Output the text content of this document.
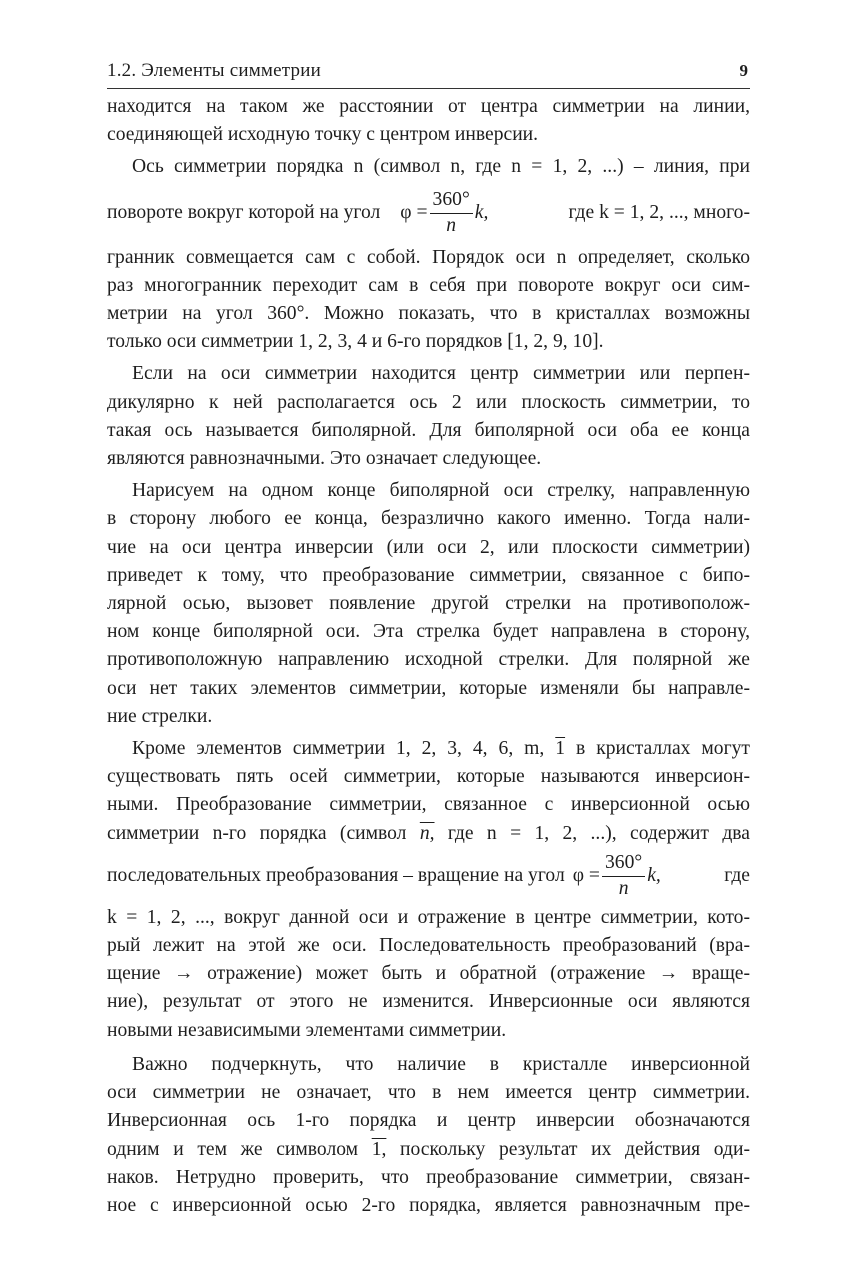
1.2. Элементы симметрии	9

находится на таком же расстоянии от центра симметрии на линии,

соединяющей исходную точку с центром инверсии.

Ось симметрии порядка n (символ n, где n = 1, 2, ...) – линия, при

повороте вокруг которой на угол $\varphi = \frac{360^\circ}{n} k$,	где k = 1, 2, ..., много-

гранник совмещается сам с собой. Порядок оси n определяет, сколько

раз многогранник переходит сам в себя при повороте вокруг оси сим-

метрии на угол 360°. Можно показать, что в кристаллах возможны

только оси симметрии 1, 2, 3, 4 и 6-го порядков [1, 2, 9, 10].

Если на оси симметрии находится центр симметрии или перпен-

дикулярно к ней располагается ось 2 или плоскость симметрии, то

такая ось называется биполярной. Для биполярной оси оба ее конца

являются равнозначными. Это означает следующее.

Нарисуем на одном конце биполярной оси стрелку, направленную

в сторону любого ее конца, безразлично какого именно. Тогда нали-

чие на оси центра инверсии (или оси 2, или плоскости симметрии)

приведет к тому, что преобразование симметрии, связанное с бипо-

лярной осью, вызовет появление другой стрелки на противополож-

ном конце биполярной оси. Эта стрелка будет направлена в сторону,

противоположную направлению исходной стрелки. Для полярной же

оси нет таких элементов симметрии, которые изменяли бы направле-

ние стрелки.

Кроме элементов симметрии 1, 2, 3, 4, 6, m, 1 в кристаллах могут

существовать пять осей симметрии, которые называются инверсион-

ными. Преобразование симметрии, связанное с инверсионной осью

симметрии n-го порядка (символ n, где n = 1, 2, ...), содержит два

последовательных преобразования – вращение на угол $\varphi = \frac{360^\circ}{n} k$,	где

k = 1, 2, ..., вокруг данной оси и отражение в центре симметрии, кото-

рый лежит на этой же оси. Последовательность преобразований (вра-

щение → отражение) может быть и обратной (отражение → враще-

ние), результат от этого не изменится. Инверсионные оси являются

новыми независимыми элементами симметрии.

Важно подчеркнуть, что наличие в кристалле инверсионной

оси симметрии не означает, что в нем имеется центр симметрии.

Инверсионная ось 1-го порядка и центр инверсии обозначаются

одним и тем же символом 1, поскольку результат их действия оди-

наков. Нетрудно проверить, что преобразование симметрии, связан-

ное с инверсионной осью 2-го порядка, является равнозначным пре-
